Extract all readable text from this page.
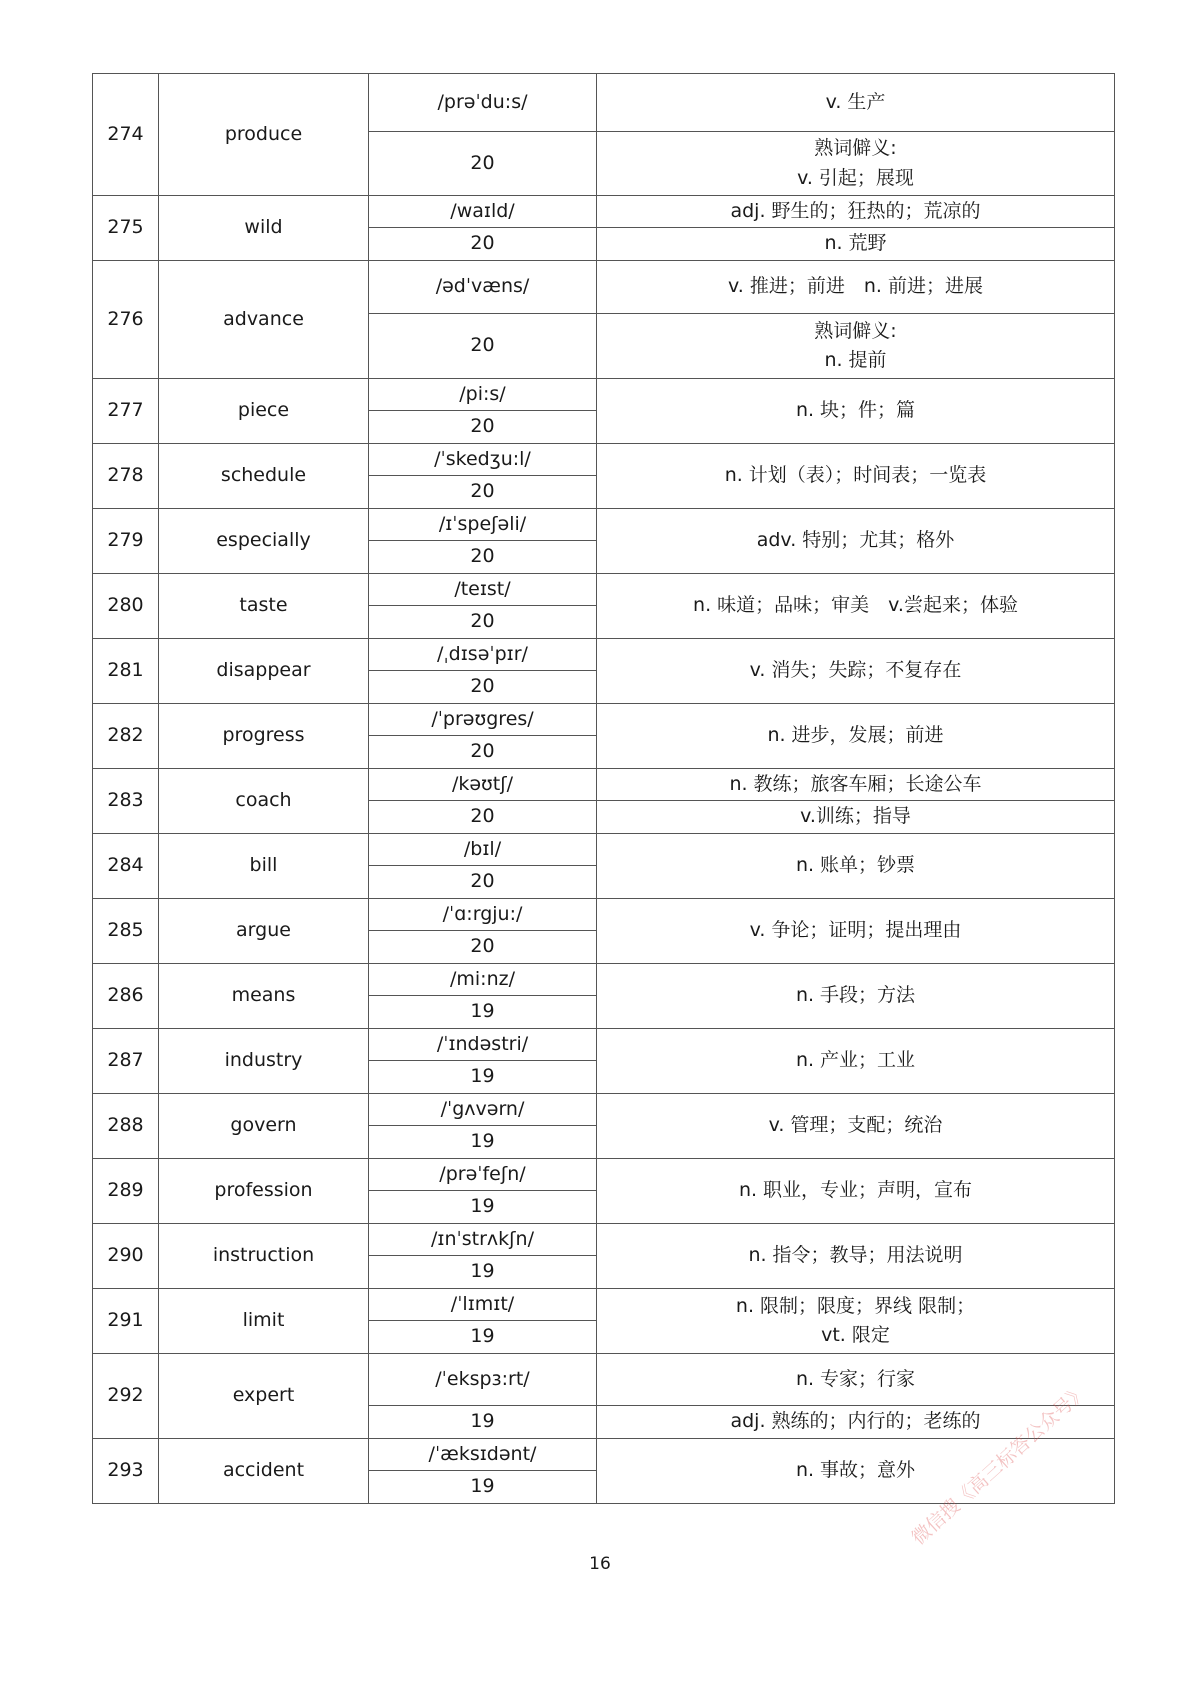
274	produce	/prəˈdu:s/	v. 生产

		20	熟词僻义:
v. 引起；展现

275	wild	/waɪld/	adj. 野生的；狂热的；荒凉的

		20	n. 荒野

276	advance	/ədˈvæns/	v. 推进；前进　n. 前进；进展

		20	熟词僻义:
n. 提前

277	piece	/pi:s/	n. 块；件；篇

		20	
278	schedule	/ˈskedʒu:l/	n. 计划（表）；时间表；一览表

		20	
279	especially	/ɪˈspeʃəli/	adv. 特别；尤其；格外

		20	
280	taste	/teɪst/	n. 味道；品味；审美　v.尝起来；体验

		20	
281	disappear	/ˌdɪsəˈpɪr/	v. 消失；失踪；不复存在

		20	
282	progress	/ˈprəʊgres/	n. 进步，发展；前进

		20	
283	coach	/kəʊtʃ/	n. 教练；旅客车厢；长途公车

		20	v.训练；指导

284	bill	/bɪl/	n. 账单；钞票

		20	
285	argue	/ˈɑ:rgju:/	v. 争论；证明；提出理由

		20	
286	means	/mi:nz/	n. 手段；方法

		19	
287	industry	/ˈɪndəstri/	n. 产业；工业

		19	
288	govern	/ˈgʌvərn/	v. 管理；支配；统治

		19	
289	profession	/prəˈfeʃn/	n. 职业，专业；声明，宣布

		19	
290	instruction	/ɪnˈstrʌkʃn/	n. 指令；教导；用法说明

		19	
291	limit	/ˈlɪmɪt/	n. 限制；限度；界线 限制；
vt. 限定

		19	
292	expert	/ˈekspɜ:rt/	n. 专家；行家

		19	adj. 熟练的；内行的；老练的

293	accident	/ˈæksɪdənt/	n. 事故；意外

		19	
16
微信搜《高三标答公众号》
